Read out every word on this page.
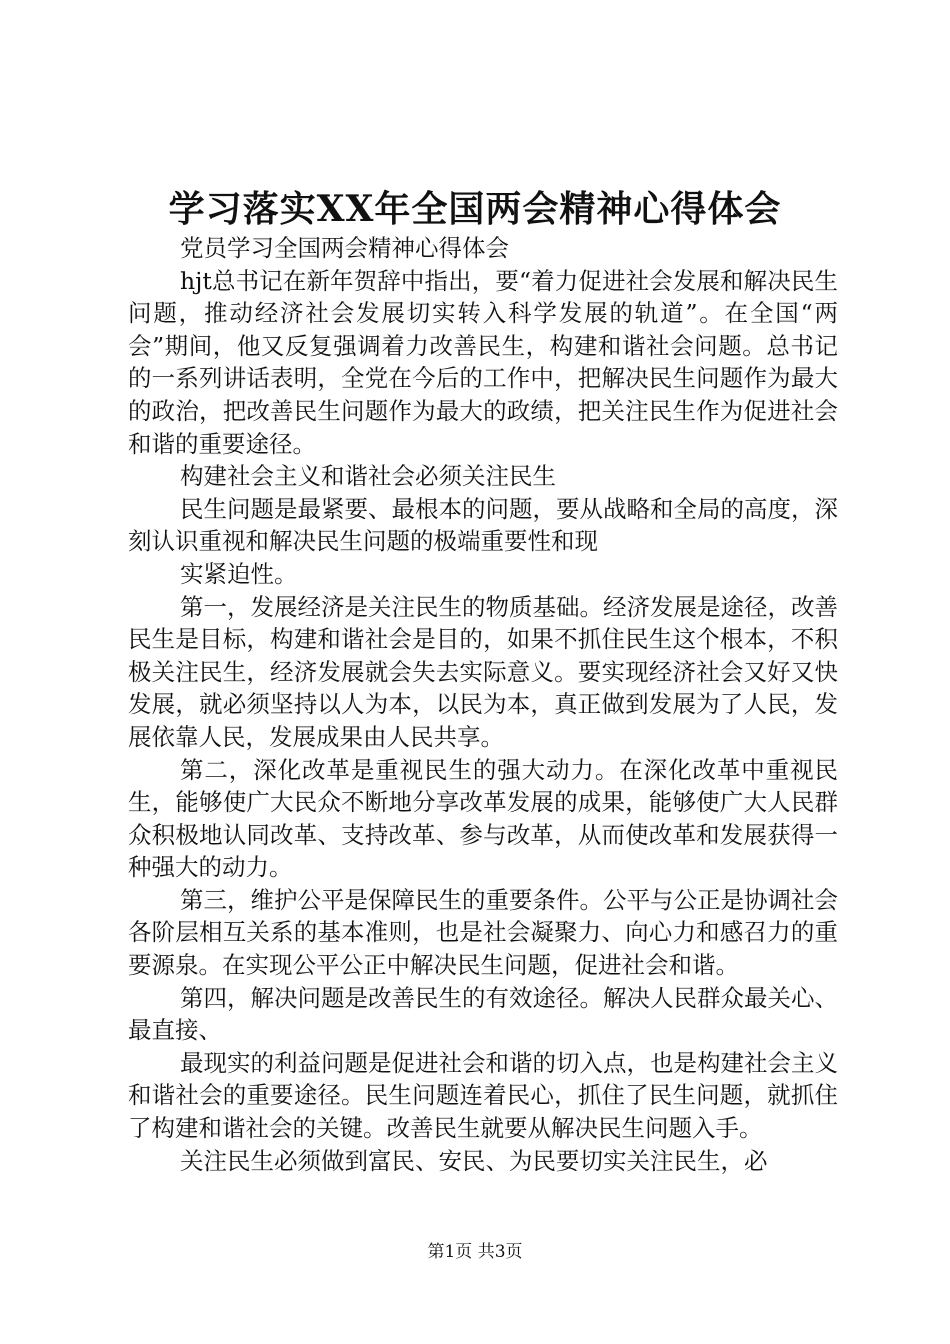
学习落实XX年全国两会精神心得体会

党员学习全国两会精神心得体会

hjt总书记在新年贺辞中指出，要“着力促进社会发展和解决民生问题，推动经济社会发展切实转入科学发展的轨道”。在全国“两会”期间，他又反复强调着力改善民生，构建和谐社会问题。总书记的一系列讲话表明，全党在今后的工作中，把解决民生问题作为最大的政治，把改善民生问题作为最大的政绩，把关注民生作为促进社会和谐的重要途径。

构建社会主义和谐社会必须关注民生

民生问题是最紧要、最根本的问题，要从战略和全局的高度，深刻认识重视和解决民生问题的极端重要性和现

实紧迫性。

第一，发展经济是关注民生的物质基础。经济发展是途径，改善民生是目标，构建和谐社会是目的，如果不抓住民生这个根本，不积极关注民生，经济发展就会失去实际意义。要实现经济社会又好又快发展，就必须坚持以人为本，以民为本，真正做到发展为了人民，发展依靠人民，发展成果由人民共享。

第二，深化改革是重视民生的强大动力。在深化改革中重视民生，能够使广大民众不断地分享改革发展的成果，能够使广大人民群众积极地认同改革、支持改革、参与改革，从而使改革和发展获得一种强大的动力。

第三，维护公平是保障民生的重要条件。公平与公正是协调社会各阶层相互关系的基本准则，也是社会凝聚力、向心力和感召力的重要源泉。在实现公平公正中解决民生问题，促进社会和谐。

第四，解决问题是改善民生的有效途径。解决人民群众最关心、最直接、

最现实的利益问题是促进社会和谐的切入点，也是构建社会主义和谐社会的重要途径。民生问题连着民心，抓住了民生问题，就抓住了构建和谐社会的关键。改善民生就要从解决民生问题入手。

关注民生必须做到富民、安民、为民要切实关注民生，必

第1页 共3页
